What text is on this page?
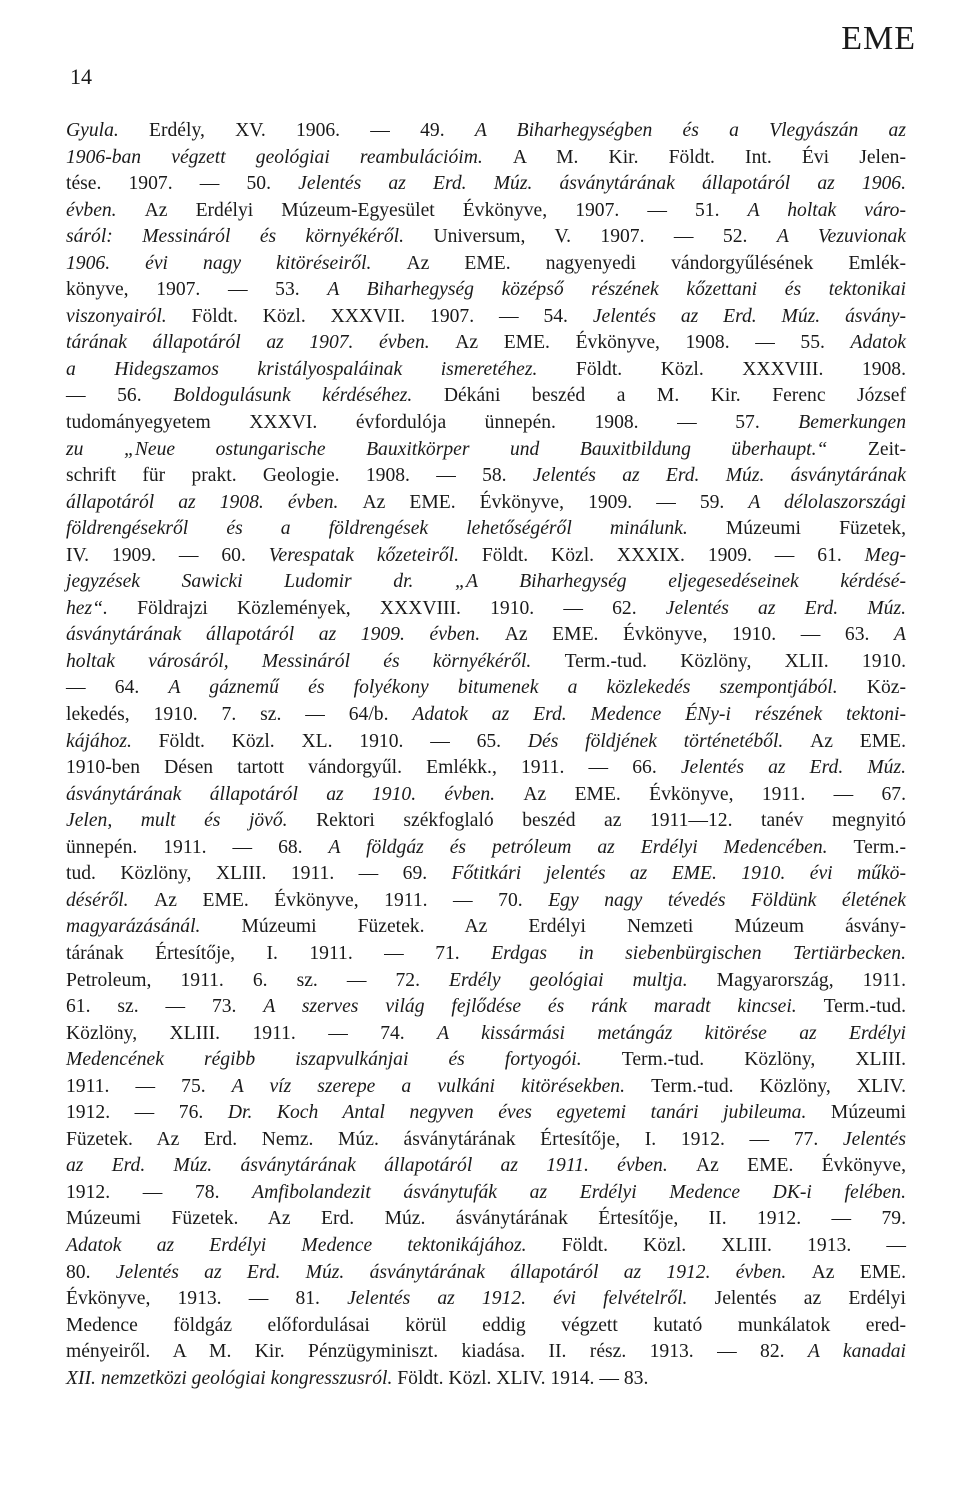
14
EME
Gyula. Erdély, XV. 1906. — 49. A Biharhegységben és a Vlegyászán az
1906-ban végzett geológiai reambulációim. A M. Kir. Földt. Int. Évi Jelen-
tése. 1907. — 50. Jelentés az Erd. Múz. ásványtárának állapotáról az 1906.
évben. Az Erdélyi Múzeum-Egyesület Évkönyve, 1907. — 51. A holtak váro-
sáról: Messináról és környékéről. Universum, V. 1907. — 52. A Vezuvionak
1906. évi nagy kitöréseiről. Az EME. nagyenyedi vándorgyűlésének Emlék-
könyve, 1907. — 53. A Biharhegység középső részének kőzettani és tektonikai
viszonyairól. Földt. Közl. XXXVII. 1907. — 54. Jelentés az Erd. Múz. ásvány-
tárának állapotáról az 1907. évben. Az EME. Évkönyve, 1908. — 55. Adatok
a Hidegszamos kristályospaláinak ismeretéhez. Földt. Közl. XXXVIII. 1908.
— 56. Boldogulásunk kérdéséhez. Dékáni beszéd a M. Kir. Ferenc József
tudományegyetem XXXVI. évfordulója ünnepén. 1908. — 57. Bemerkungen
zu „Neue ostungarische Bauxitkörper und Bauxitbildung überhaupt.“ Zeit-
schrift für prakt. Geologie. 1908. — 58. Jelentés az Erd. Múz. ásványtárának
állapotáról az 1908. évben. Az EME. Évkönyve, 1909. — 59. A délolaszországi
földrengésekről és a földrengések lehetőségéről minálunk. Múzeumi Füzetek,
IV. 1909. — 60. Verespatak kőzeteiről. Földt. Közl. XXXIX. 1909. — 61. Meg-
jegyzések Sawicki Ludomir dr. „A Biharhegység eljegesedéseinek kérdésé-
hez“. Földrajzi Közlemények, XXXVIII. 1910. — 62. Jelentés az Erd. Múz.
ásványtárának állapotáról az 1909. évben. Az EME. Évkönyve, 1910. — 63. A
holtak városáról, Messináról és környékéről. Term.-tud. Közlöny, XLII. 1910.
— 64. A gáznemű és folyékony bitumenek a közlekedés szempontjából. Köz-
lekedés, 1910. 7. sz. — 64/b. Adatok az Erd. Medence ÉNy-i részének tektoni-
kájához. Földt. Közl. XL. 1910. — 65. Dés földjének történetéből. Az EME.
1910-ben Désen tartott vándorgyűl. Emlékk., 1911. — 66. Jelentés az Erd. Múz.
ásványtárának állapotáról az 1910. évben. Az EME. Évkönyve, 1911. — 67.
Jelen, mult és jövő. Rektori székfoglaló beszéd az 1911—12. tanév megnyitó
ünnepén. 1911. — 68. A földgáz és petróleum az Erdélyi Medencében. Term.-
tud. Közlöny, XLIII. 1911. — 69. Főtitkári jelentés az EME. 1910. évi műkö-
déséről. Az EME. Évkönyve, 1911. — 70. Egy nagy tévedés Földünk életének
magyarázásánál. Múzeumi Füzetek. Az Erdélyi Nemzeti Múzeum ásvány-
tárának Értesítője, I. 1911. — 71. Erdgas in siebenbürgischen Tertiärbecken.
Petroleum, 1911. 6. sz. — 72. Erdély geológiai multja. Magyarország, 1911.
61. sz. — 73. A szerves világ fejlődése és ránk maradt kincsei. Term.-tud.
Közlöny, XLIII. 1911. — 74. A kissármási metángáz kitörése az Erdélyi
Medencének régibb iszapvulkánjai és fortyogói. Term.-tud. Közlöny, XLIII.
1911. — 75. A víz szerepe a vulkáni kitörésekben. Term.-tud. Közlöny, XLIV.
1912. — 76. Dr. Koch Antal negyven éves egyetemi tanári jubileuma. Múzeumi
Füzetek. Az Erd. Nemz. Múz. ásványtárának Értesítője, I. 1912. — 77. Jelentés
az Erd. Múz. ásványtárának állapotáról az 1911. évben. Az EME. Évkönyve,
1912. — 78. Amfibolandezit ásványtufák az Erdélyi Medence DK-i felében.
Múzeumi Füzetek. Az Erd. Múz. ásványtárának Értesítője, II. 1912. — 79.
Adatok az Erdélyi Medence tektonikájához. Földt. Közl. XLIII. 1913. —
80. Jelentés az Erd. Múz. ásványtárának állapotáról az 1912. évben. Az EME.
Évkönyve, 1913. — 81. Jelentés az 1912. évi felvételről. Jelentés az Erdélyi
Medence földgáz előfordulásai körül eddig végzett kutató munkálatok ered-
ményeiről. A M. Kir. Pénzügyminiszt. kiadása. II. rész. 1913. — 82. A kanadai
XII. nemzetközi geológiai kongresszusról. Földt. Közl. XLIV. 1914. — 83.
